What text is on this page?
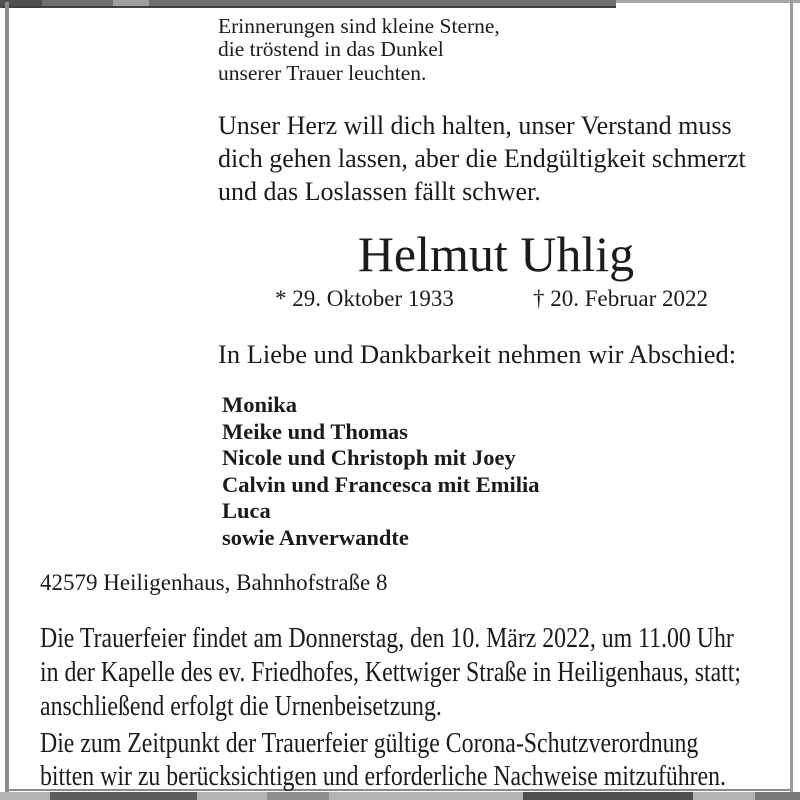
Erinnerungen sind kleine Sterne,
die tröstend in das Dunkel
unserer Trauer leuchten.
Unser Herz will dich halten, unser Verstand muss
dich gehen lassen, aber die Endgültigkeit schmerzt
und das Loslassen fällt schwer.
Helmut Uhlig
* 29. Oktober 1933	† 20. Februar 2022
In Liebe und Dankbarkeit nehmen wir Abschied:
Monika
Meike und Thomas
Nicole und Christoph mit Joey
Calvin und Francesca mit Emilia
Luca
sowie Anverwandte
42579 Heiligenhaus, Bahnhofstraße 8
Die Trauerfeier findet am Donnerstag, den 10. März 2022, um 11.00 Uhr
in der Kapelle des ev. Friedhofes, Kettwiger Straße in Heiligenhaus, statt;
anschließend erfolgt die Urnenbeisetzung.
Die zum Zeitpunkt der Trauerfeier gültige Corona-Schutzverordnung
bitten wir zu berücksichtigen und erforderliche Nachweise mitzuführen.
